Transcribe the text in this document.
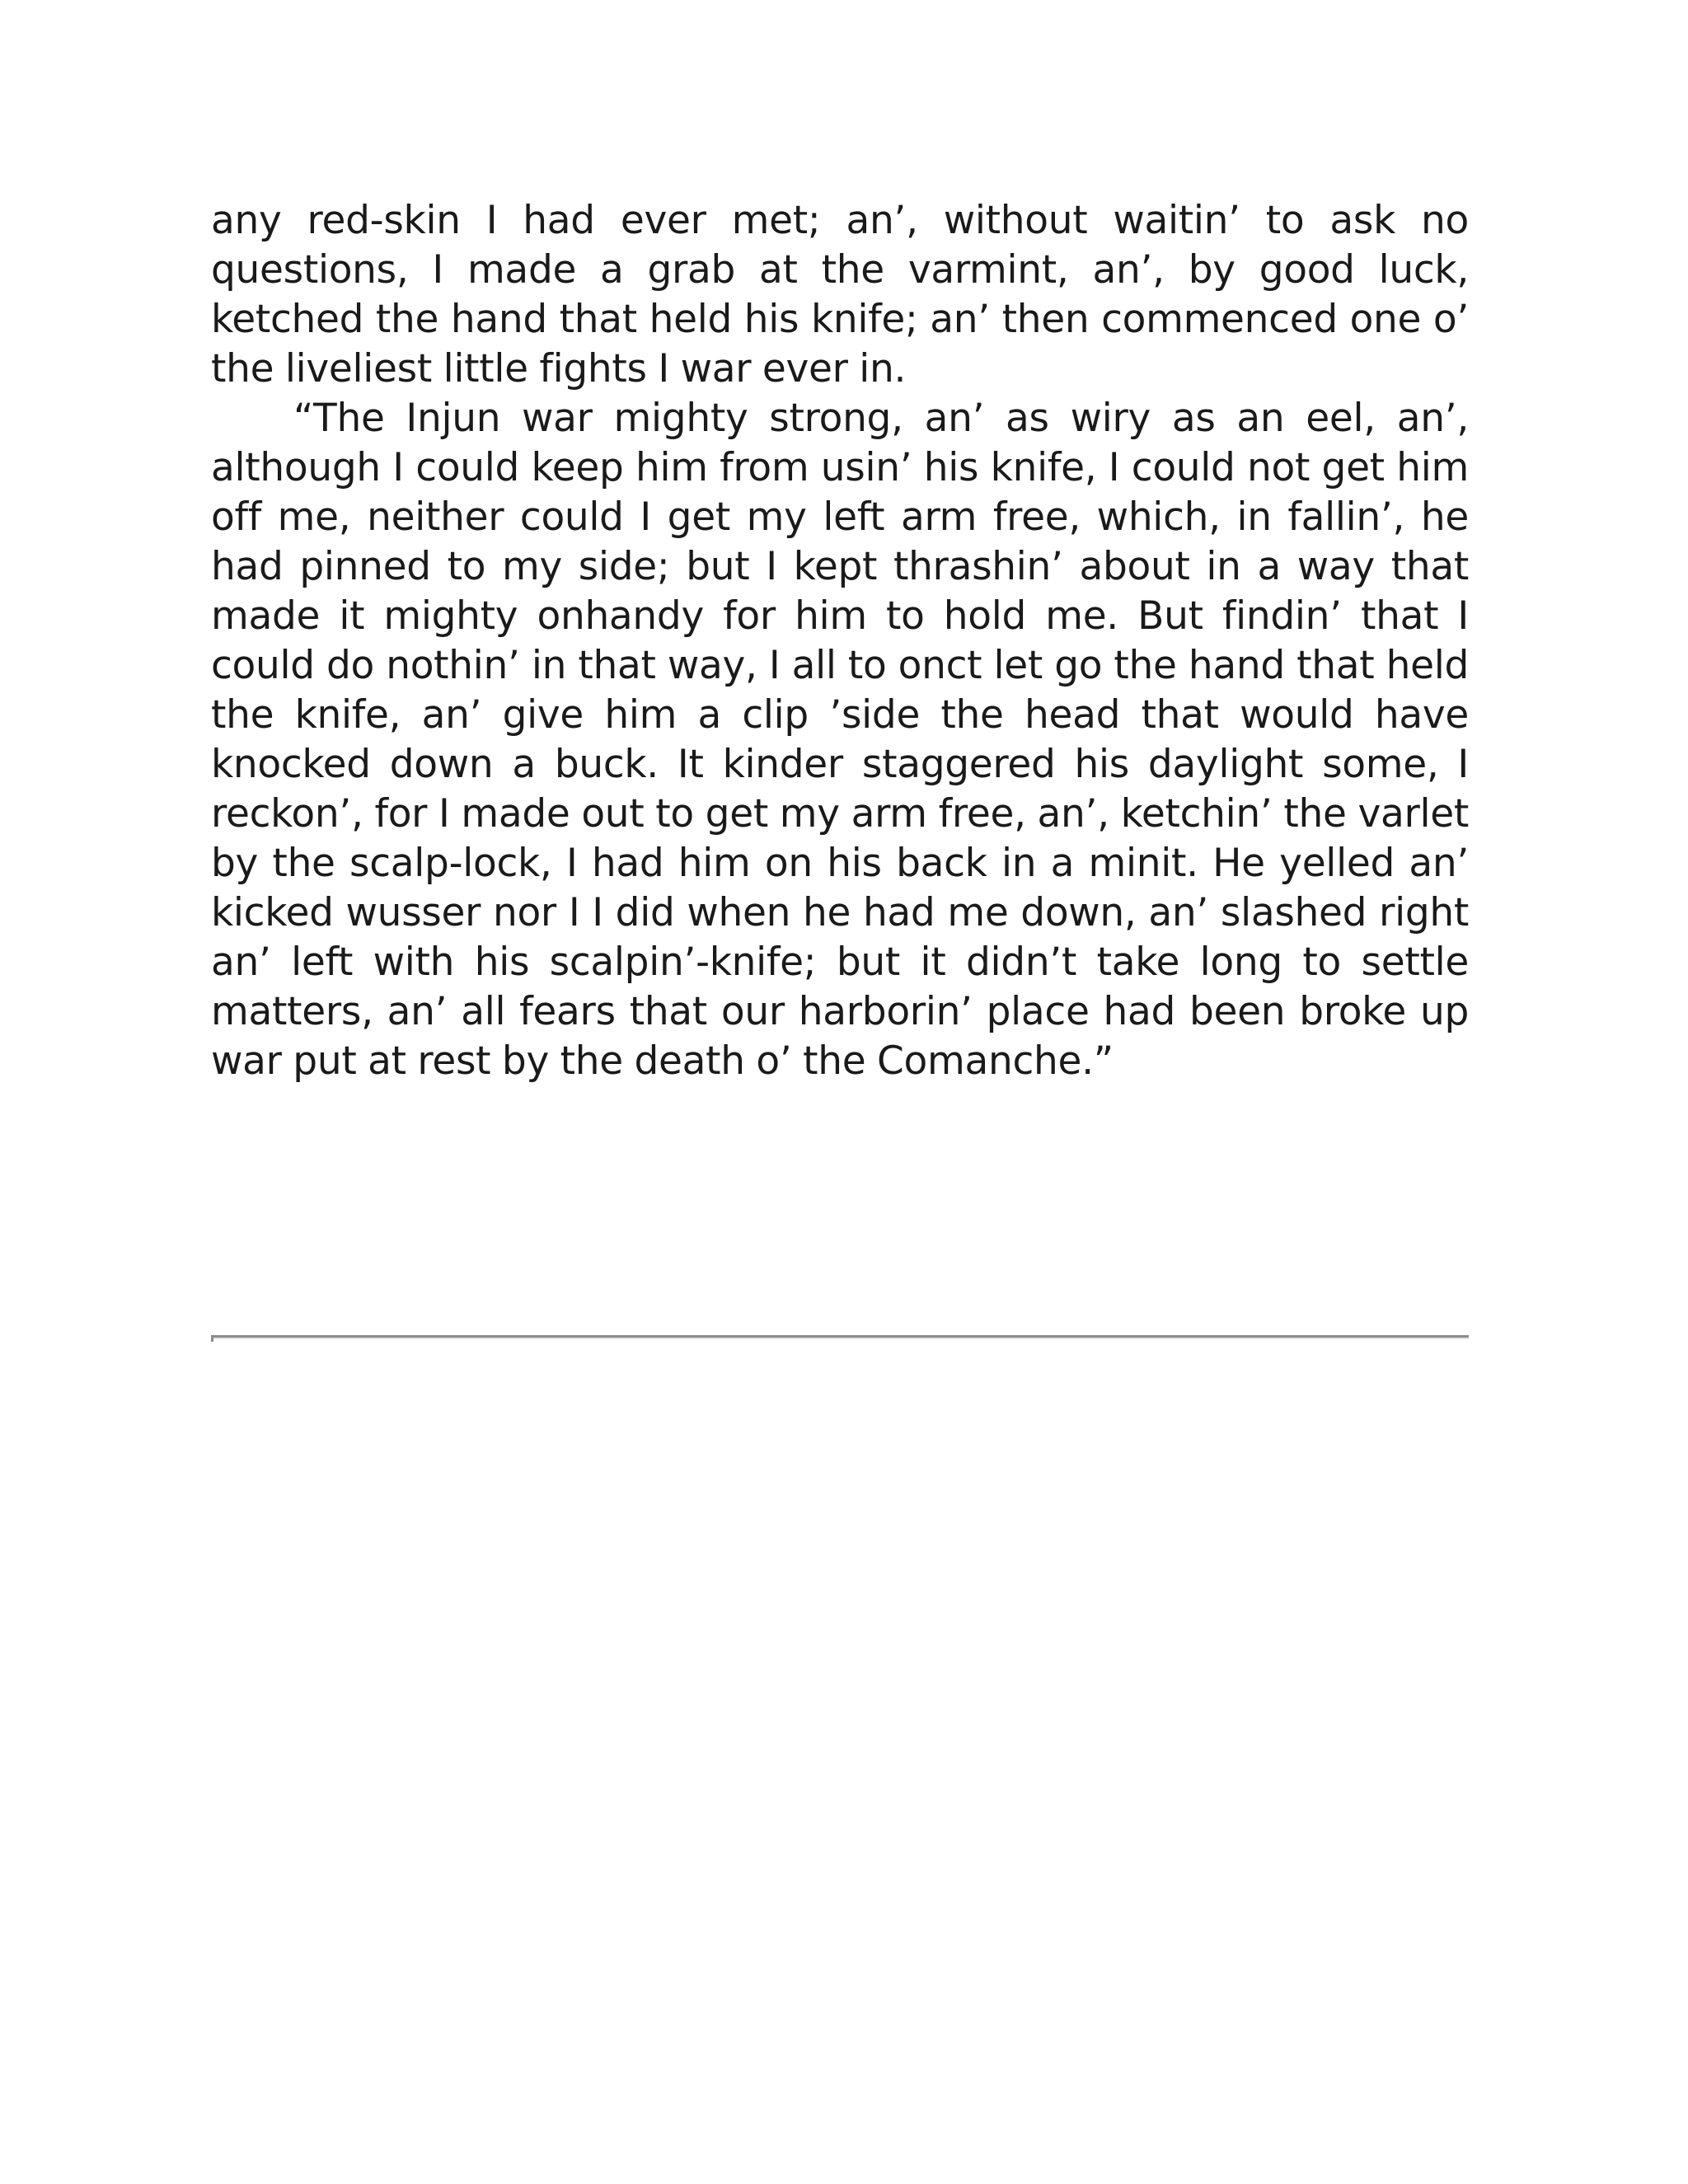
any red-skin I had ever met; an’, without waitin’ to ask no questions, I made a grab at the varmint, an’, by good luck, ketched the hand that held his knife; an’ then commenced one o’ the liveliest little fights I war ever in.

“The Injun war mighty strong, an’ as wiry as an eel, an’, although I could keep him from usin’ his knife, I could not get him off me, neither could I get my left arm free, which, in fallin’, he had pinned to my side; but I kept thrashin’ about in a way that made it mighty onhandy for him to hold me. But findin’ that I could do nothin’ in that way, I all to onct let go the hand that held the knife, an’ give him a clip ’side the head that would have knocked down a buck. It kinder staggered his daylight some, I reckon’, for I made out to get my arm free, an’, ketchin’ the varlet by the scalp-lock, I had him on his back in a minit. He yelled an’ kicked wusser nor I I did when he had me down, an’ slashed right an’ left with his scalpin’-knife; but it didn’t take long to settle matters, an’ all fears that our harborin’ place had been broke up war put at rest by the death o’ the Comanche.”
